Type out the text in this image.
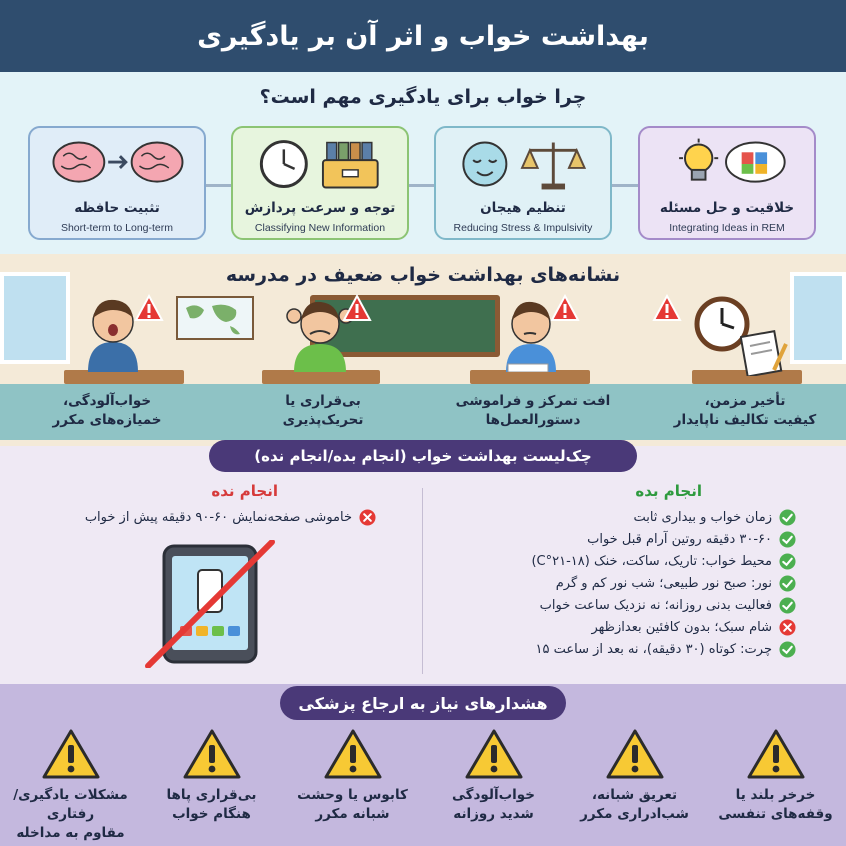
بهداشت خواب و اثر آن بر یادگیری
چرا خواب برای یادگیری مهم است؟
خلاقیت و حل مسئله
Integrating Ideas in REM
تنظیم هیجان
Reducing Stress & Impulsivity
توجه و سرعت پردازش
Classifying New Information
تثبیت حافظه
Short-term to Long-term
نشانه‌های بهداشت خواب ضعیف در مدرسه
تأخیر مزمن،
کیفیت تکالیف ناپایدار
افت تمرکز و فراموشی
دستورالعمل‌ها
بی‌قراری یا
تحریک‌پذیری
خواب‌آلودگی،
خمیازه‌های مکرر
چک‌لیست بهداشت خواب (انجام بده/انجام نده)
انجام بده
انجام نده
زمان خواب و بیداری ثابت
۳۰-۶۰ دقیقه روتین آرام قبل خواب
محیط خواب: تاریک، ساکت، خنک (۱۸-۲۱°C)
نور: صبح نور طبیعی؛ شب نور کم و گرم
فعالیت بدنی روزانه؛ نه نزدیک ساعت خواب
شام سبک؛ بدون کافئین بعدازظهر
چرت: کوتاه (۳۰ دقیقه)، نه بعد از ساعت ۱۵
خاموشی صفحه‌نمایش ۶۰-۹۰ دقیقه پیش از خواب
هشدارهای نیاز به ارجاع پزشکی
خرخر بلند یا
وقفه‌های تنفسی
تعریق شبانه،
شب‌ادراری مکرر
خواب‌آلودگی
شدید روزانه
کابوس یا وحشت
شبانه مکرر
بی‌قراری پاها
هنگام خواب
مشکلات یادگیری/رفتاری
مقاوم به مداخله
